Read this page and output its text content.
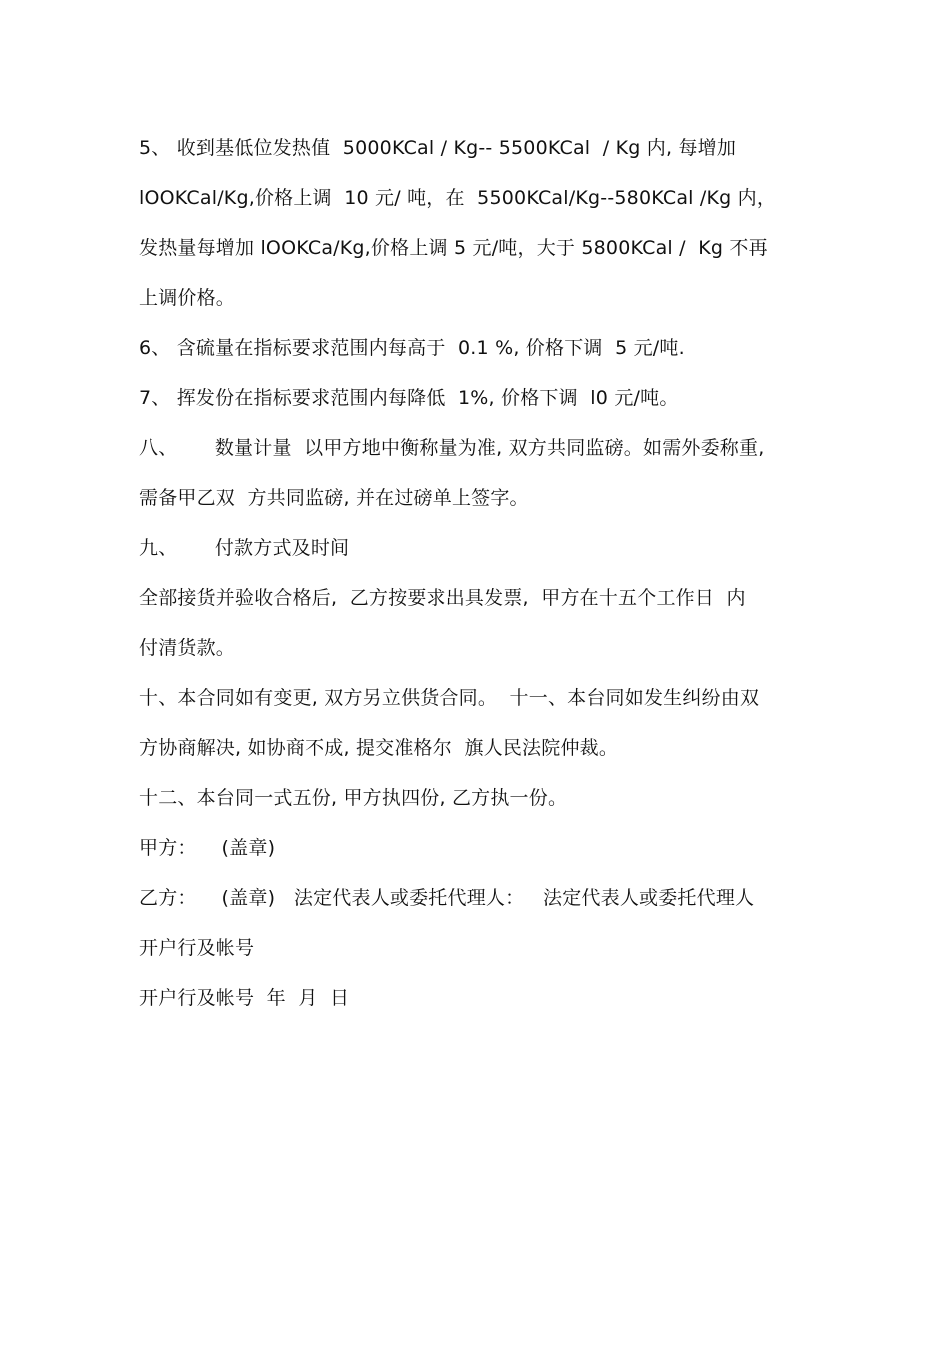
5、 收到基低位发热值  5000KCal / Kg-- 5500KCal  / Kg 内, 每增加

lOOKCal/Kg,价格上调  10 元/ 吨，在  5500KCal/Kg--580KCal /Kg 内，

发热量每增加 lOOKCa/Kg,价格上调 5 元/吨，大于 5800KCal /  Kg 不再

上调价格。

6、 含硫量在指标要求范围内每高于  0.1 %, 价格下调  5 元/吨.

7、 挥发份在指标要求范围内每降低  1%, 价格下调  l0 元/吨。

八、      数量计量  以甲方地中衡称量为准, 双方共同监磅。如需外委称重,

需备甲乙双  方共同监磅, 并在过磅单上签字。

九、      付款方式及时间

全部接货并验收合格后,  乙方按要求出具发票,  甲方在十五个工作日  内

付清货款。

十、本合同如有变更, 双方另立供货合同。  十一、本台同如发生纠纷由双

方协商解决, 如协商不成, 提交准格尔  旗人民法院仲裁。

十二、本台同一式五份, 甲方执四份, 乙方执一份。

甲方：    (盖章)

乙方：    (盖章)   法定代表人或委托代理人：   法定代表人或委托代理人

开户行及帐号

开户行及帐号  年  月  日
